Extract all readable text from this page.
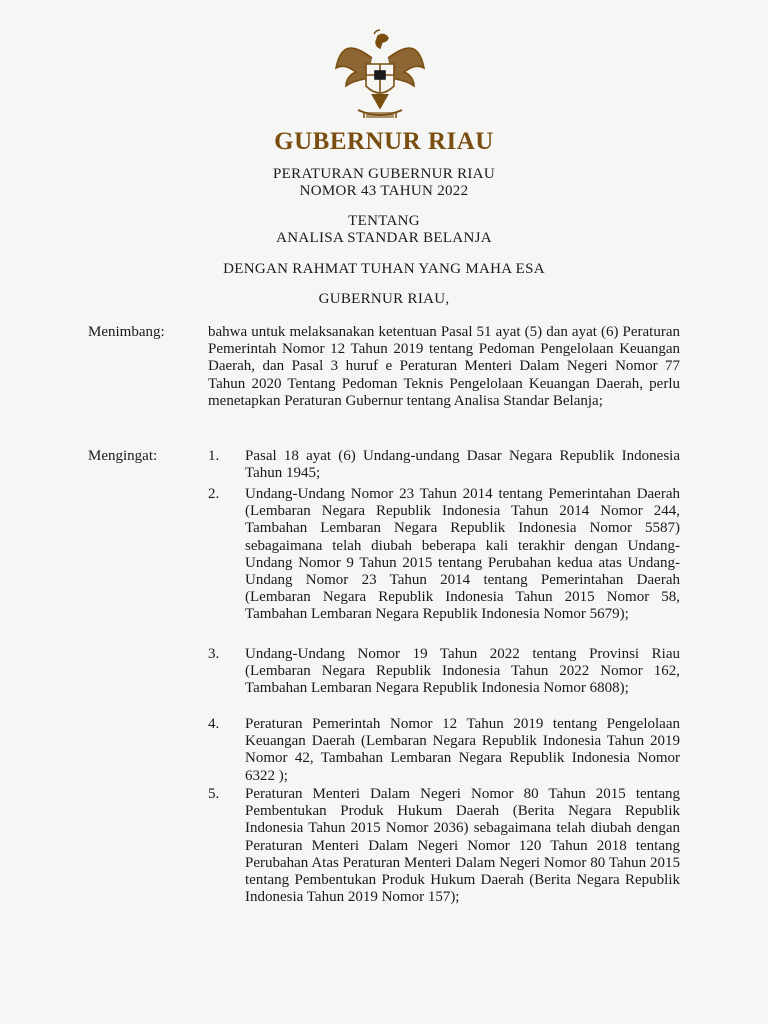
GUBERNUR RIAU
PERATURAN GUBERNUR RIAU
NOMOR 43 TAHUN 2022
TENTANG
ANALISA STANDAR BELANJA
DENGAN RAHMAT TUHAN YANG MAHA ESA
GUBERNUR RIAU,
Menimbang:	bahwa untuk melaksanakan ketentuan Pasal 51 ayat (5) dan ayat (6) Peraturan Pemerintah Nomor 12 Tahun 2019 tentang Pedoman Pengelolaan Keuangan Daerah, dan Pasal 3 huruf e Peraturan Menteri Dalam Negeri Nomor 77 Tahun 2020 Tentang Pedoman Teknis Pengelolaan Keuangan Daerah, perlu menetapkan Peraturan Gubernur tentang Analisa Standar Belanja;
Mengingat:	1. Pasal 18 ayat (6) Undang-undang Dasar Negara Republik Indonesia Tahun 1945;
2. Undang-Undang Nomor 23 Tahun 2014 tentang Pemerintahan Daerah (Lembaran Negara Republik Indonesia Tahun 2014 Nomor 244, Tambahan Lembaran Negara Republik Indonesia Nomor 5587) sebagaimana telah diubah beberapa kali terakhir dengan Undang-Undang Nomor 9 Tahun 2015 tentang Perubahan kedua atas Undang-Undang Nomor 23 Tahun 2014 tentang Pemerintahan Daerah (Lembaran Negara Republik Indonesia Tahun 2015 Nomor 58, Tambahan Lembaran Negara Republik Indonesia Nomor 5679);
3. Undang-Undang Nomor 19 Tahun 2022 tentang Provinsi Riau (Lembaran Negara Republik Indonesia Tahun 2022 Nomor 162, Tambahan Lembaran Negara Republik Indonesia Nomor 6808);
4. Peraturan Pemerintah Nomor 12 Tahun 2019 tentang Pengelolaan Keuangan Daerah (Lembaran Negara Republik Indonesia Tahun 2019 Nomor 42, Tambahan Lembaran Negara Republik Indonesia Nomor 6322 );
5. Peraturan Menteri Dalam Negeri Nomor 80 Tahun 2015 tentang Pembentukan Produk Hukum Daerah (Berita Negara Republik Indonesia Tahun 2015 Nomor 2036) sebagaimana telah diubah dengan Peraturan Menteri Dalam Negeri Nomor 120 Tahun 2018 tentang Perubahan Atas Peraturan Menteri Dalam Negeri Nomor 80 Tahun 2015 tentang Pembentukan Produk Hukum Daerah (Berita Negara Republik Indonesia Tahun 2019 Nomor 157);
